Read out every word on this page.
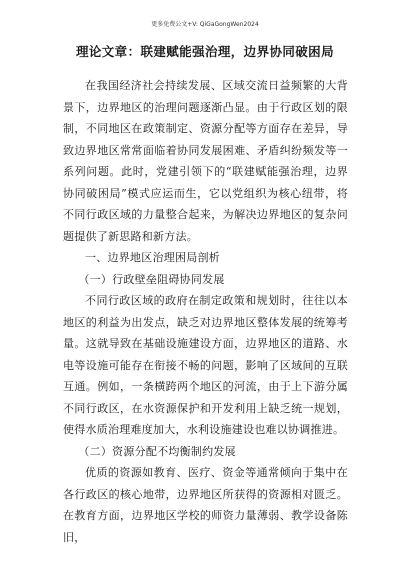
更多免费公文+V: QiGaGongWen2024
理论文章：联建赋能强治理，边界协同破困局

在我国经济社会持续发展、区域交流日益频繁的大背景下，边界地区的治理问题逐渐凸显。由于行政区划的限制，不同地区在政策制定、资源分配等方面存在差异，导致边界地区常常面临着协同发展困难、矛盾纠纷频发等一系列问题。此时，党建引领下的“联建赋能强治理，边界协同破困局”模式应运而生，它以党组织为核心纽带，将不同行政区域的力量整合起来，为解决边界地区的复杂问题提供了新思路和新方法。

一、边界地区治理困局剖析

（一）行政壁垒阻碍协同发展

不同行政区域的政府在制定政策和规划时，往往以本地区的利益为出发点，缺乏对边界地区整体发展的统筹考量。这就导致在基础设施建设方面，边界地区的道路、水电等设施可能存在衔接不畅的问题，影响了区域间的互联互通。例如，一条横跨两个地区的河流，由于上下游分属不同行政区，在水资源保护和开发利用上缺乏统一规划，使得水质治理难度加大，水利设施建设也难以协调推进。

（二）资源分配不均衡制约发展

优质的资源如教育、医疗、资金等通常倾向于集中在各行政区的核心地带，边界地区所获得的资源相对匮乏。在教育方面，边界地区学校的师资力量薄弱、教学设备陈旧，
